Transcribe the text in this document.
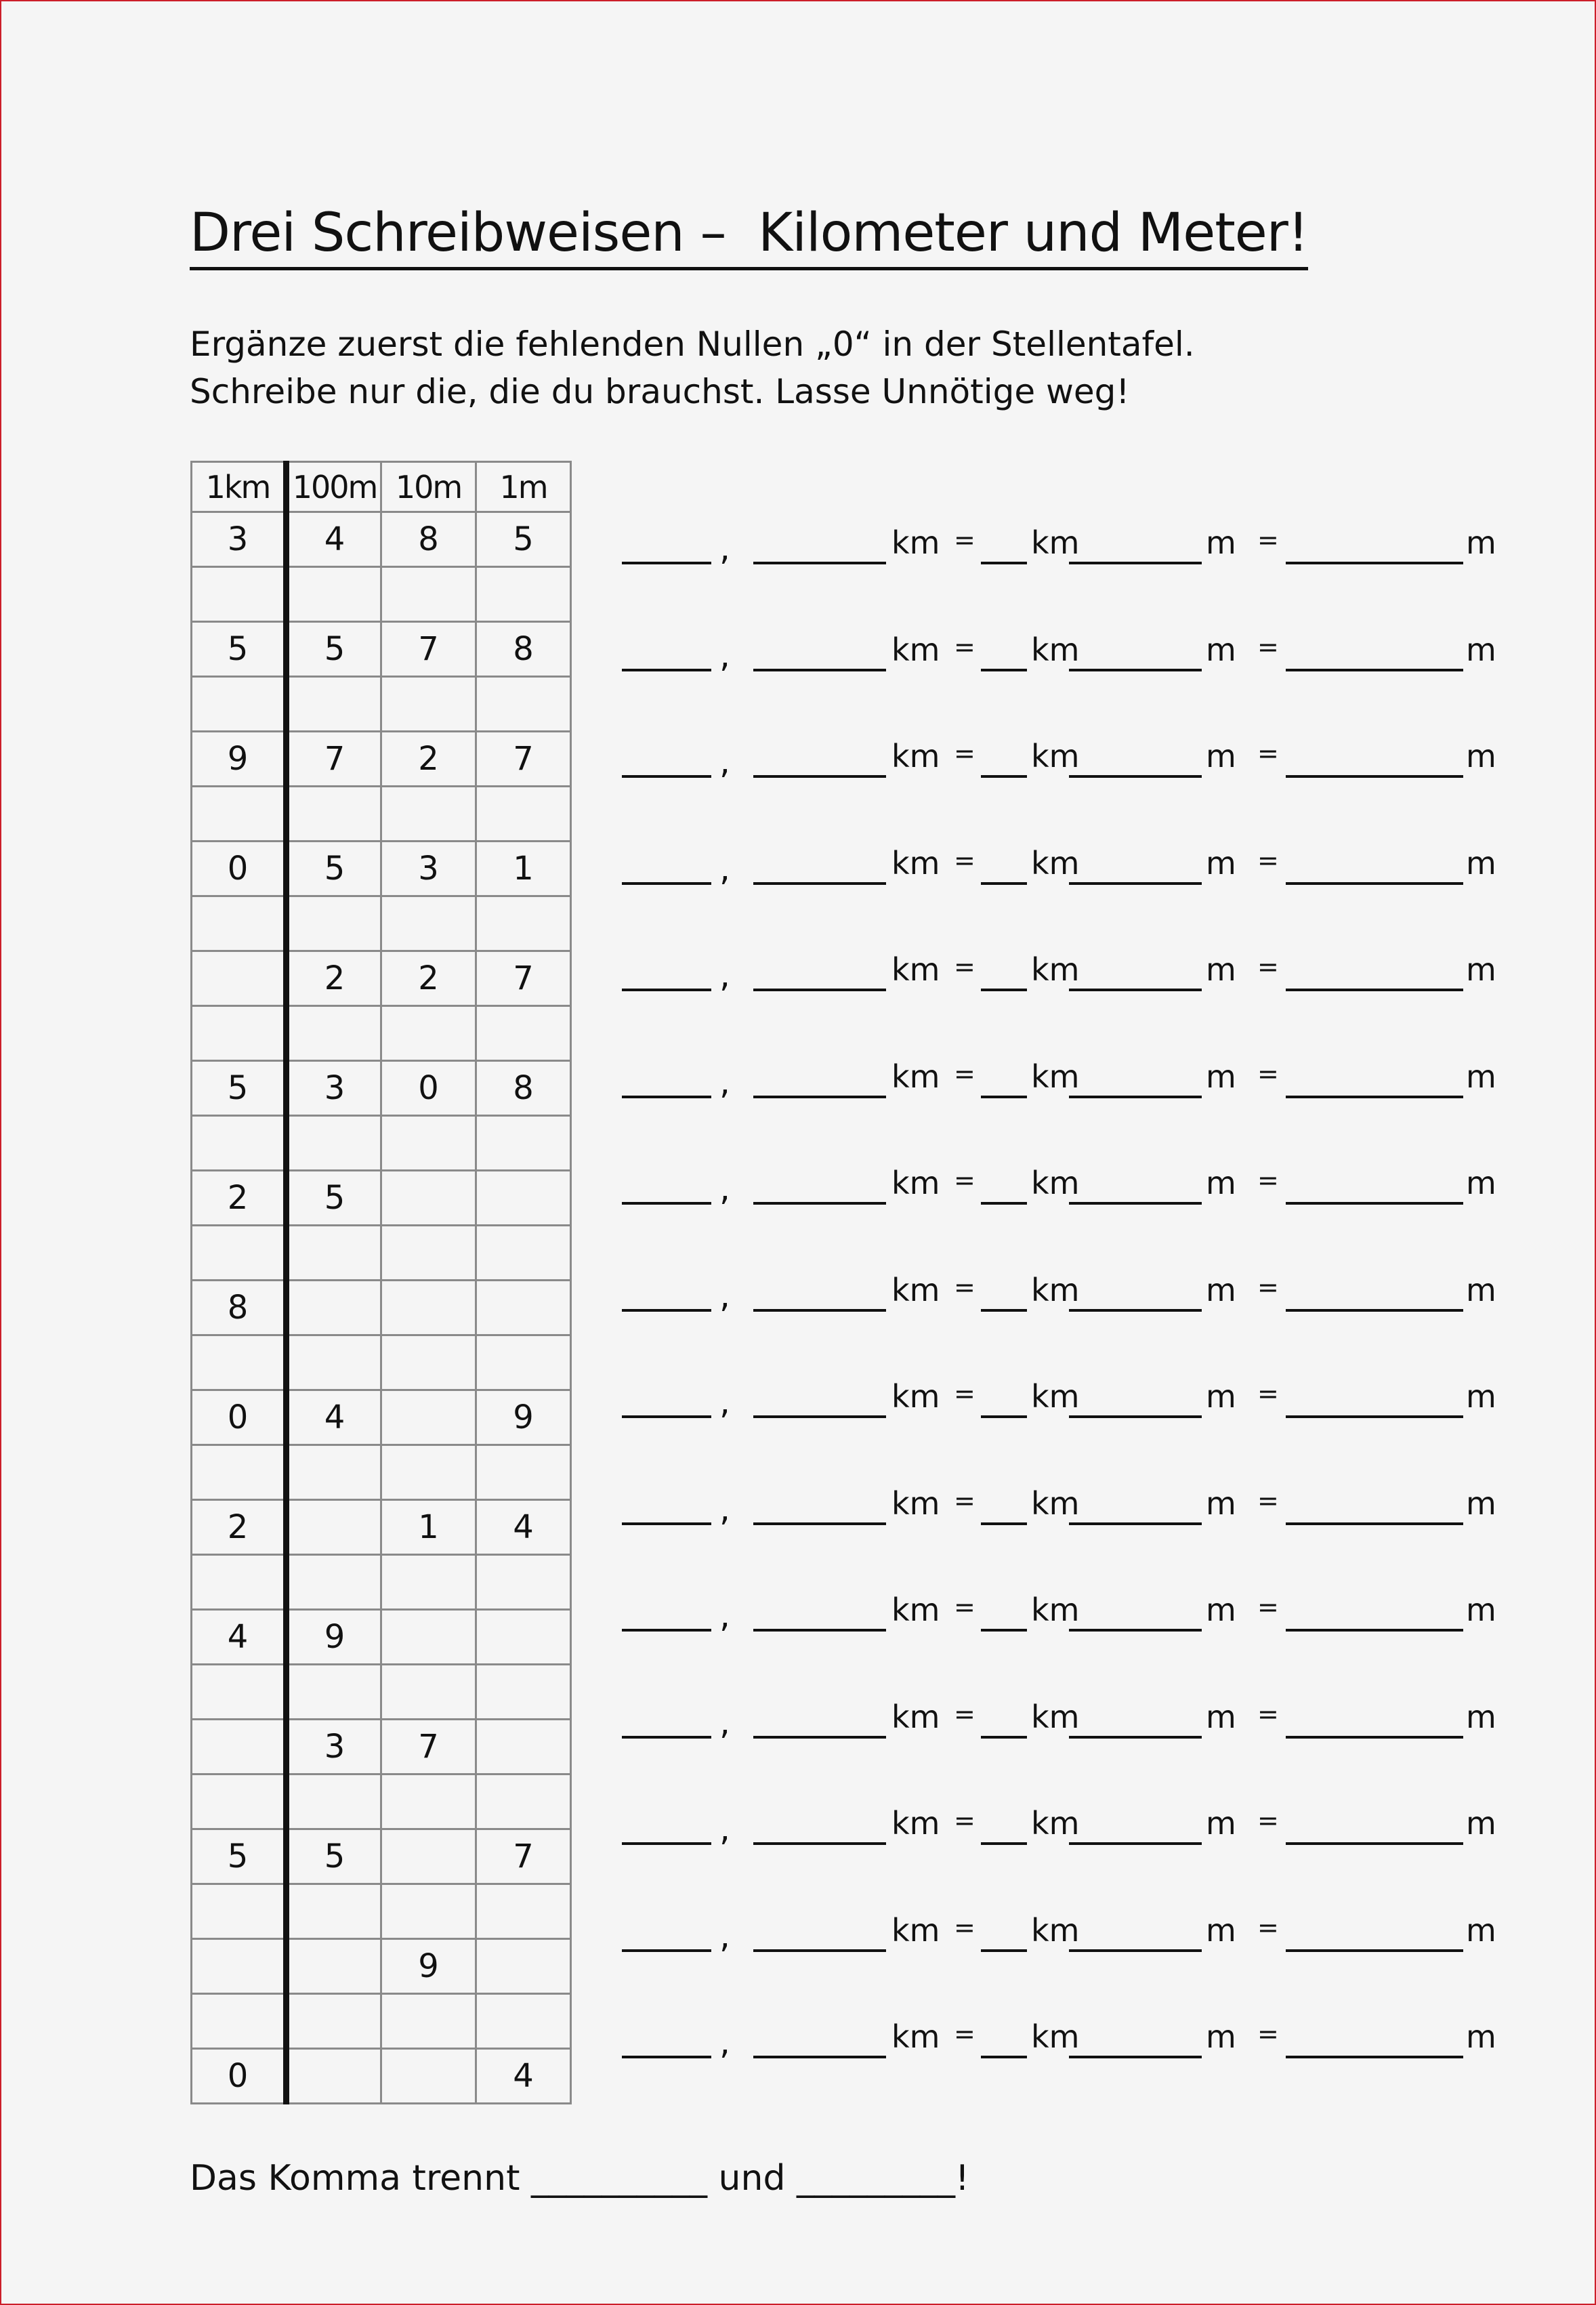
Drei Schreibweisen –  Kilometer und Meter!
Ergänze zuerst die fehlenden Nullen „0“ in der Stellentafel.
Schreibe nur die, die du brauchst. Lasse Unnötige weg!
1km	100m	10m	1m
3	4	8	5

5	5	7	8

9	7	2	7

0	5	3	1

	2	2	7

5	3	0	8

2	5		

8			

0	4		9

2		1	4

4	9		

	3	7	

5	5		7

		9	

0			4
,	km = km	m =	m
,	km = km	m =	m
,	km = km	m =	m
,	km = km	m =	m
,	km = km	m =	m
,	km = km	m =	m
,	km = km	m =	m
,	km = km	m =	m
,	km = km	m =	m
,	km = km	m =	m
,	km = km	m =	m
,	km = km	m =	m
,	km = km	m =	m
,	km = km	m =	m
,	km = km	m =	m
Das Komma trennt __________ und _________!
